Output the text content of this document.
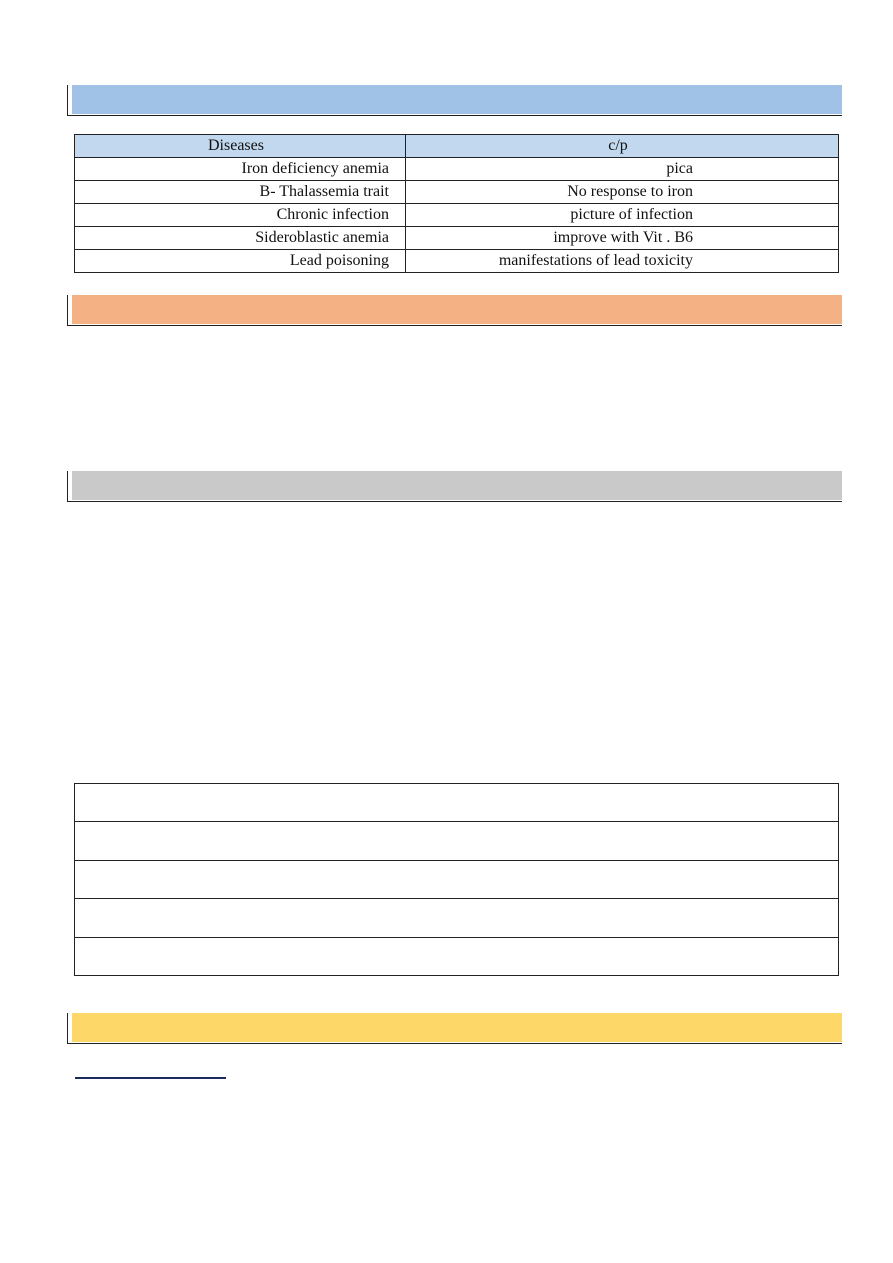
Diseases	c/p
Iron deficiency anemia	pica
B- Thalassemia trait	No response to iron
Chronic infection	picture of infection
Sideroblastic anemia	improve with Vit . B6
Lead poisoning	manifestations of lead toxicity
